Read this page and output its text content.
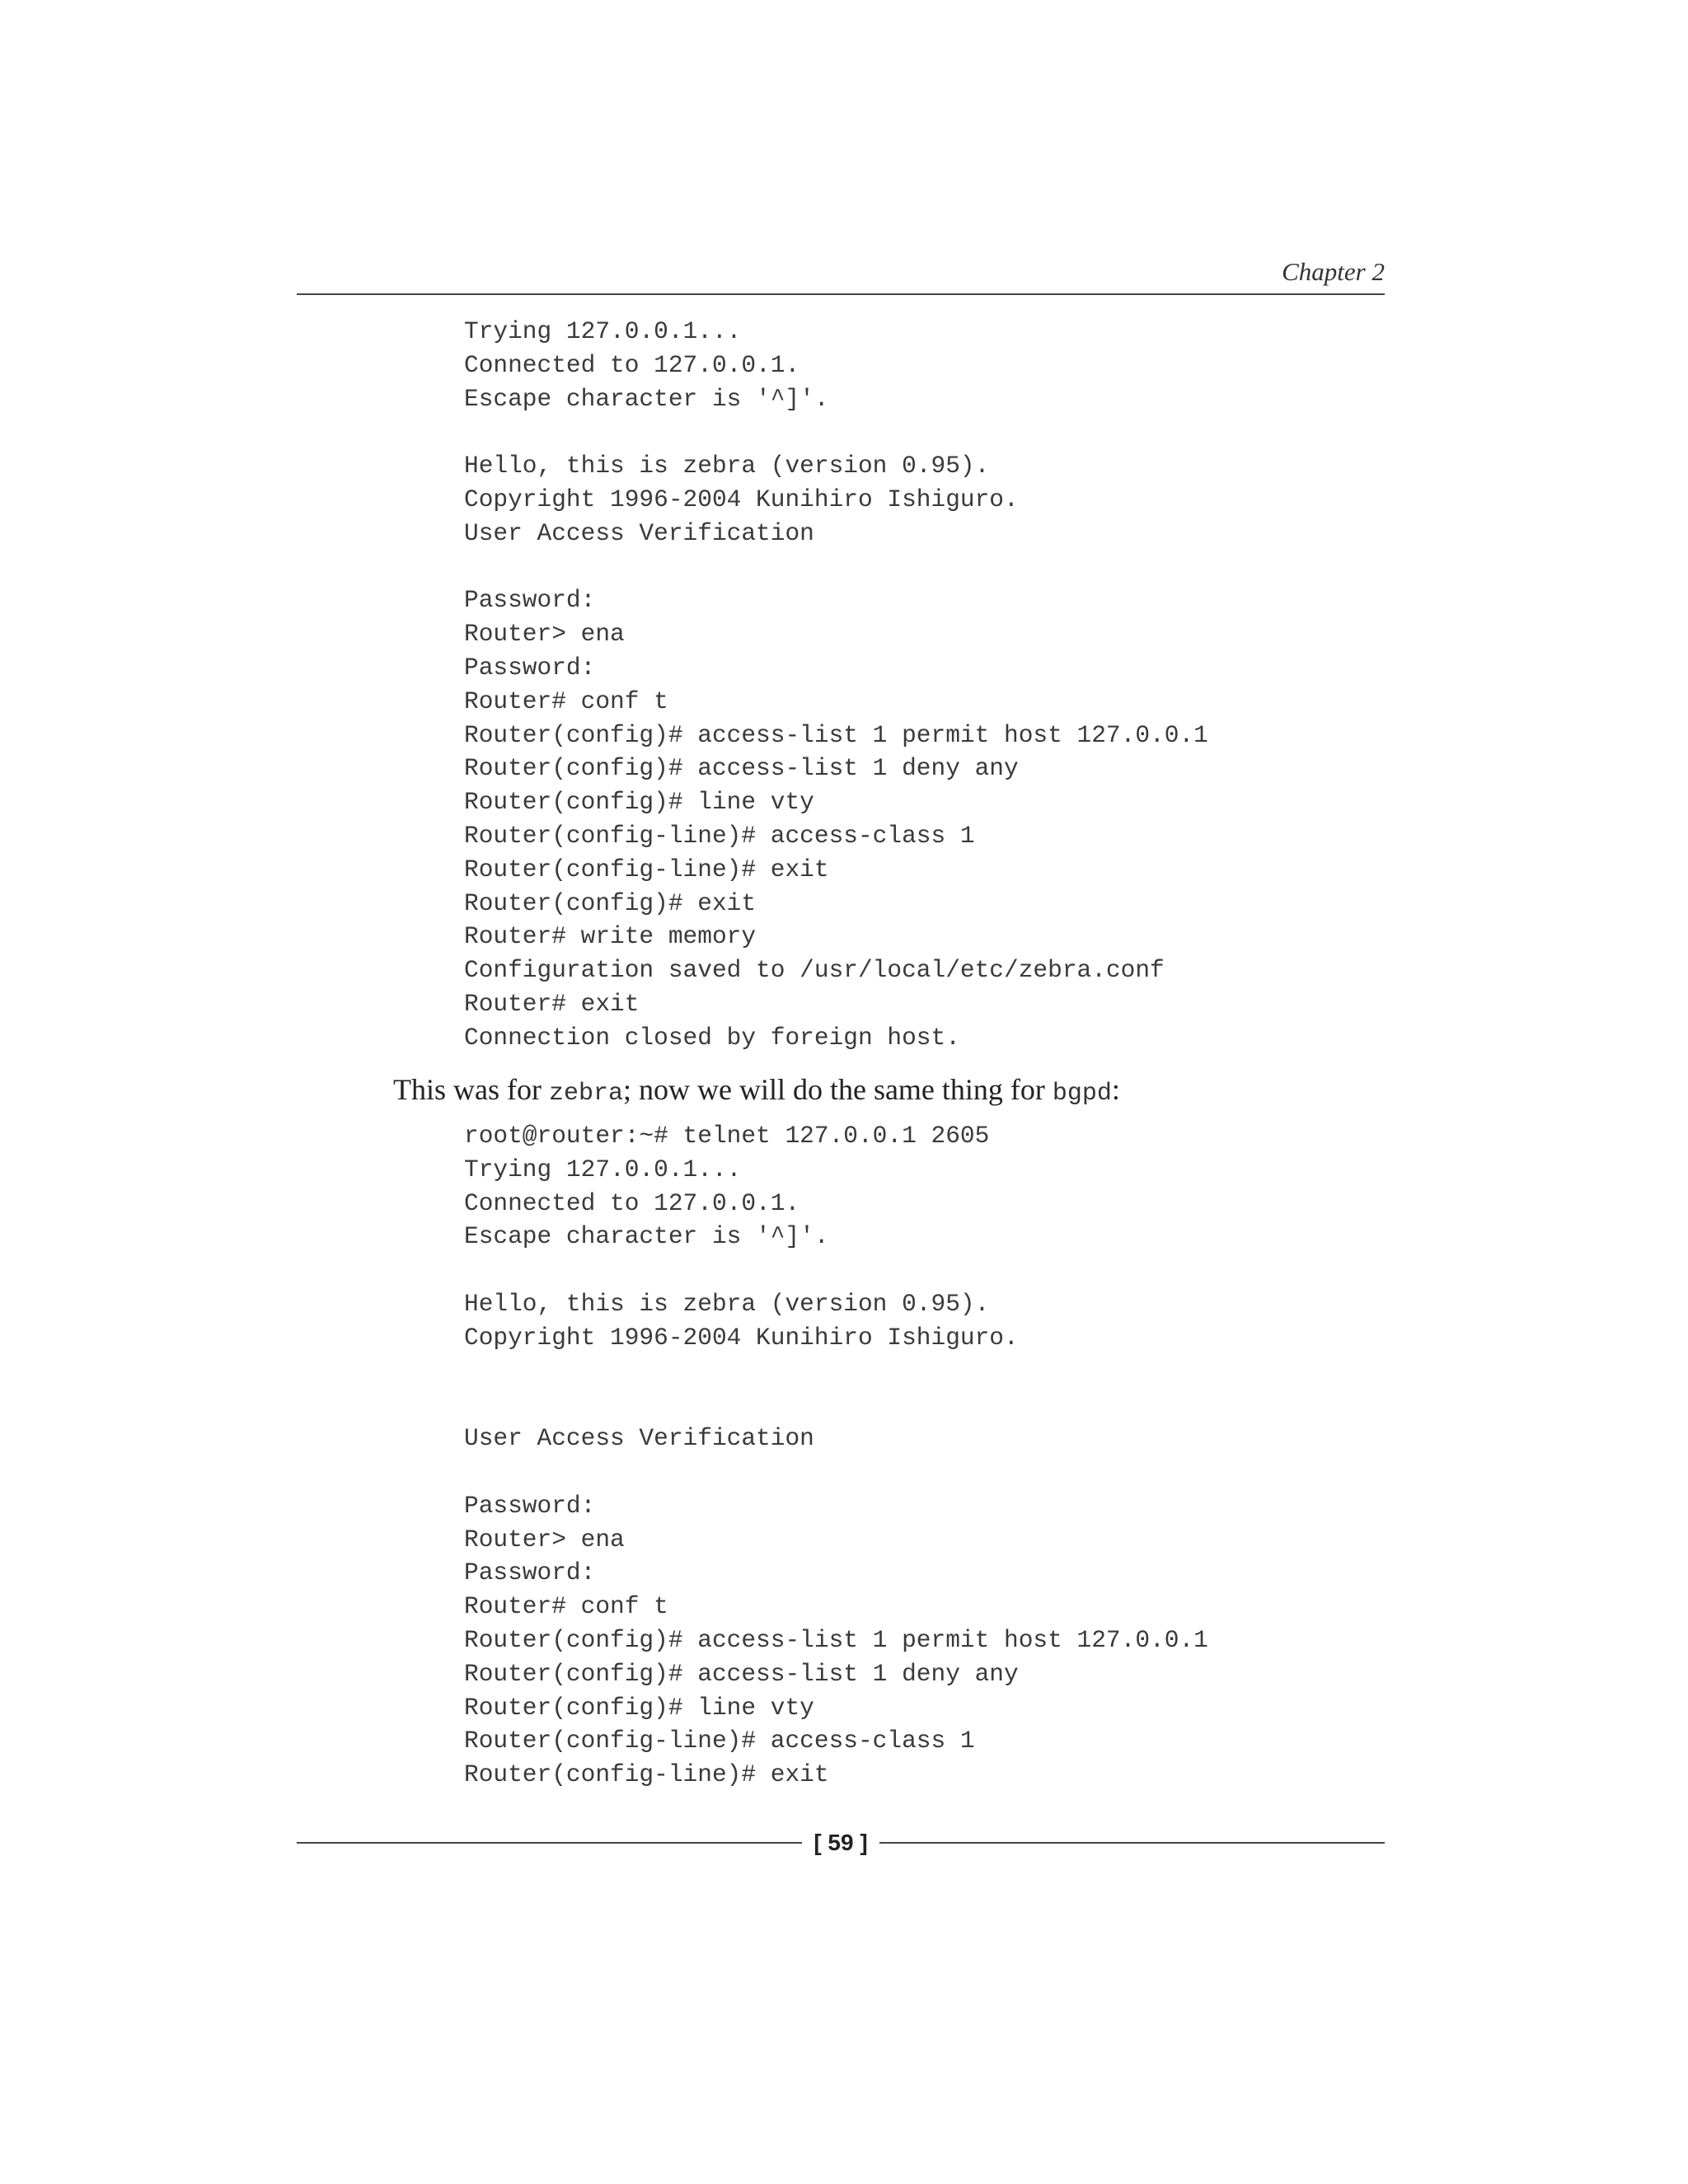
Chapter 2

Trying 127.0.0.1...
Connected to 127.0.0.1.
Escape character is '^]'.
Hello, this is zebra (version 0.95).
Copyright 1996-2004 Kunihiro Ishiguro.
User Access Verification
Password:
Router> ena
Password:
Router# conf t
Router(config)# access-list 1 permit host 127.0.0.1
Router(config)# access-list 1 deny any
Router(config)# line vty
Router(config-line)# access-class 1
Router(config-line)# exit
Router(config)# exit
Router# write memory
Configuration saved to /usr/local/etc/zebra.conf
Router# exit
Connection closed by foreign host.

This was for zebra; now we will do the same thing for bgpd:

root@router:~# telnet 127.0.0.1 2605
Trying 127.0.0.1...
Connected to 127.0.0.1.
Escape character is '^]'.
Hello, this is zebra (version 0.95).
Copyright 1996-2004 Kunihiro Ishiguro.
User Access Verification
Password:
Router> ena
Password:
Router# conf t
Router(config)# access-list 1 permit host 127.0.0.1
Router(config)# access-list 1 deny any
Router(config)# line vty
Router(config-line)# access-class 1
Router(config-line)# exit
[ 59 ]
